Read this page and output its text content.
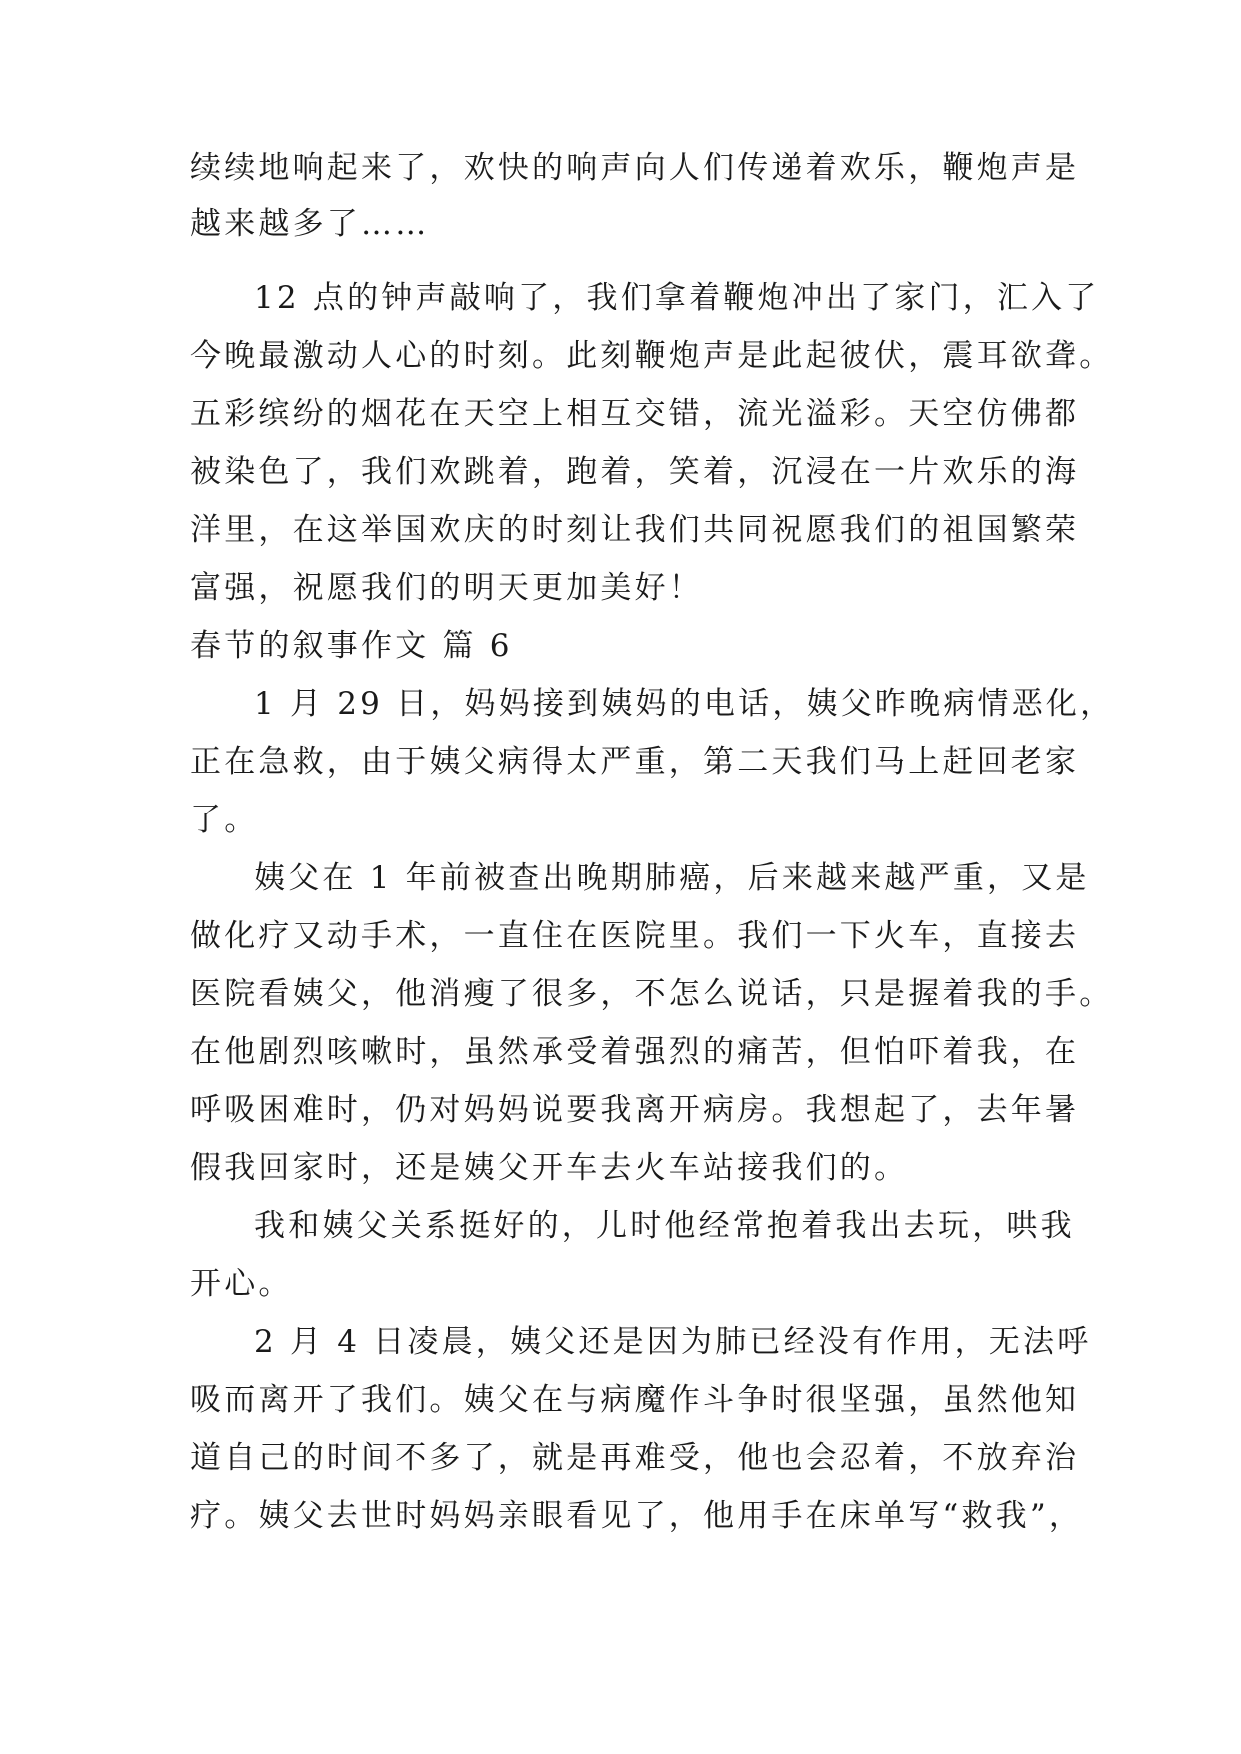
续续地响起来了，欢快的响声向人们传递着欢乐，鞭炮声是
越来越多了……
12 点的钟声敲响了，我们拿着鞭炮冲出了家门，汇入了
今晚最激动人心的时刻。此刻鞭炮声是此起彼伏，震耳欲聋。
五彩缤纷的烟花在天空上相互交错，流光溢彩。天空仿佛都
被染色了，我们欢跳着，跑着，笑着，沉浸在一片欢乐的海
洋里，在这举国欢庆的时刻让我们共同祝愿我们的祖国繁荣
富强，祝愿我们的明天更加美好！
春节的叙事作文 篇 6
1 月 29 日，妈妈接到姨妈的电话，姨父昨晚病情恶化，
正在急救，由于姨父病得太严重，第二天我们马上赶回老家
了。
姨父在 1 年前被查出晚期肺癌，后来越来越严重，又是
做化疗又动手术，一直住在医院里。我们一下火车，直接去
医院看姨父，他消瘦了很多，不怎么说话，只是握着我的手。
在他剧烈咳嗽时，虽然承受着强烈的痛苦，但怕吓着我，在
呼吸困难时，仍对妈妈说要我离开病房。我想起了，去年暑
假我回家时，还是姨父开车去火车站接我们的。
我和姨父关系挺好的，儿时他经常抱着我出去玩，哄我
开心。
2 月 4 日凌晨，姨父还是因为肺已经没有作用，无法呼
吸而离开了我们。姨父在与病魔作斗争时很坚强，虽然他知
道自己的时间不多了，就是再难受，他也会忍着，不放弃治
疗。姨父去世时妈妈亲眼看见了，他用手在床单写“救我”，
